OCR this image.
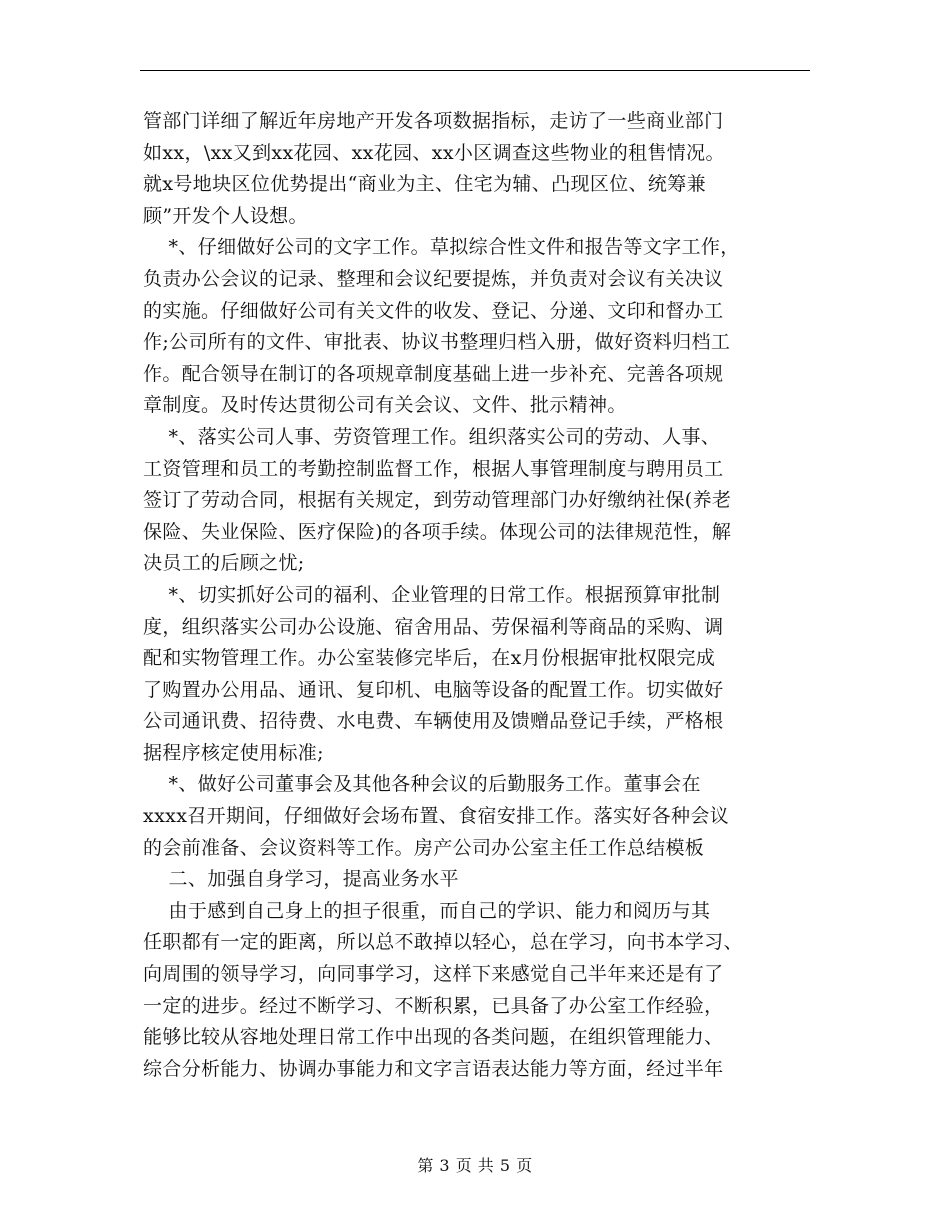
管部门详细了解近年房地产开发各项数据指标，走访了一些商业部门
如xx，\xx又到xx花园、xx花园、xx小区调查这些物业的租售情况。
就x号地块区位优势提出“商业为主、住宅为辅、凸现区位、统筹兼
顾”开发个人设想。
*、仔细做好公司的文字工作。草拟综合性文件和报告等文字工作，
负责办公会议的记录、整理和会议纪要提炼，并负责对会议有关决议
的实施。仔细做好公司有关文件的收发、登记、分递、文印和督办工
作;公司所有的文件、审批表、协议书整理归档入册，做好资料归档工
作。配合领导在制订的各项规章制度基础上进一步补充、完善各项规
章制度。及时传达贯彻公司有关会议、文件、批示精神。
*、落实公司人事、劳资管理工作。组织落实公司的劳动、人事、
工资管理和员工的考勤控制监督工作，根据人事管理制度与聘用员工
签订了劳动合同，根据有关规定，到劳动管理部门办好缴纳社保(养老
保险、失业保险、医疗保险)的各项手续。体现公司的法律规范性，解
决员工的后顾之忧;
*、切实抓好公司的福利、企业管理的日常工作。根据预算审批制
度，组织落实公司办公设施、宿舍用品、劳保福利等商品的采购、调
配和实物管理工作。办公室装修完毕后，在x月份根据审批权限完成
了购置办公用品、通讯、复印机、电脑等设备的配置工作。切实做好
公司通讯费、招待费、水电费、车辆使用及馈赠品登记手续，严格根
据程序核定使用标准;
*、做好公司董事会及其他各种会议的后勤服务工作。董事会在
xxxx召开期间，仔细做好会场布置、食宿安排工作。落实好各种会议
的会前准备、会议资料等工作。房产公司办公室主任工作总结模板
二、加强自身学习，提高业务水平
由于感到自己身上的担子很重，而自己的学识、能力和阅历与其
任职都有一定的距离，所以总不敢掉以轻心，总在学习，向书本学习、
向周围的领导学习，向同事学习，这样下来感觉自己半年来还是有了
一定的进步。经过不断学习、不断积累，已具备了办公室工作经验，
能够比较从容地处理日常工作中出现的各类问题，在组织管理能力、
综合分析能力、协调办事能力和文字言语表达能力等方面，经过半年
第 3 页 共 5 页
